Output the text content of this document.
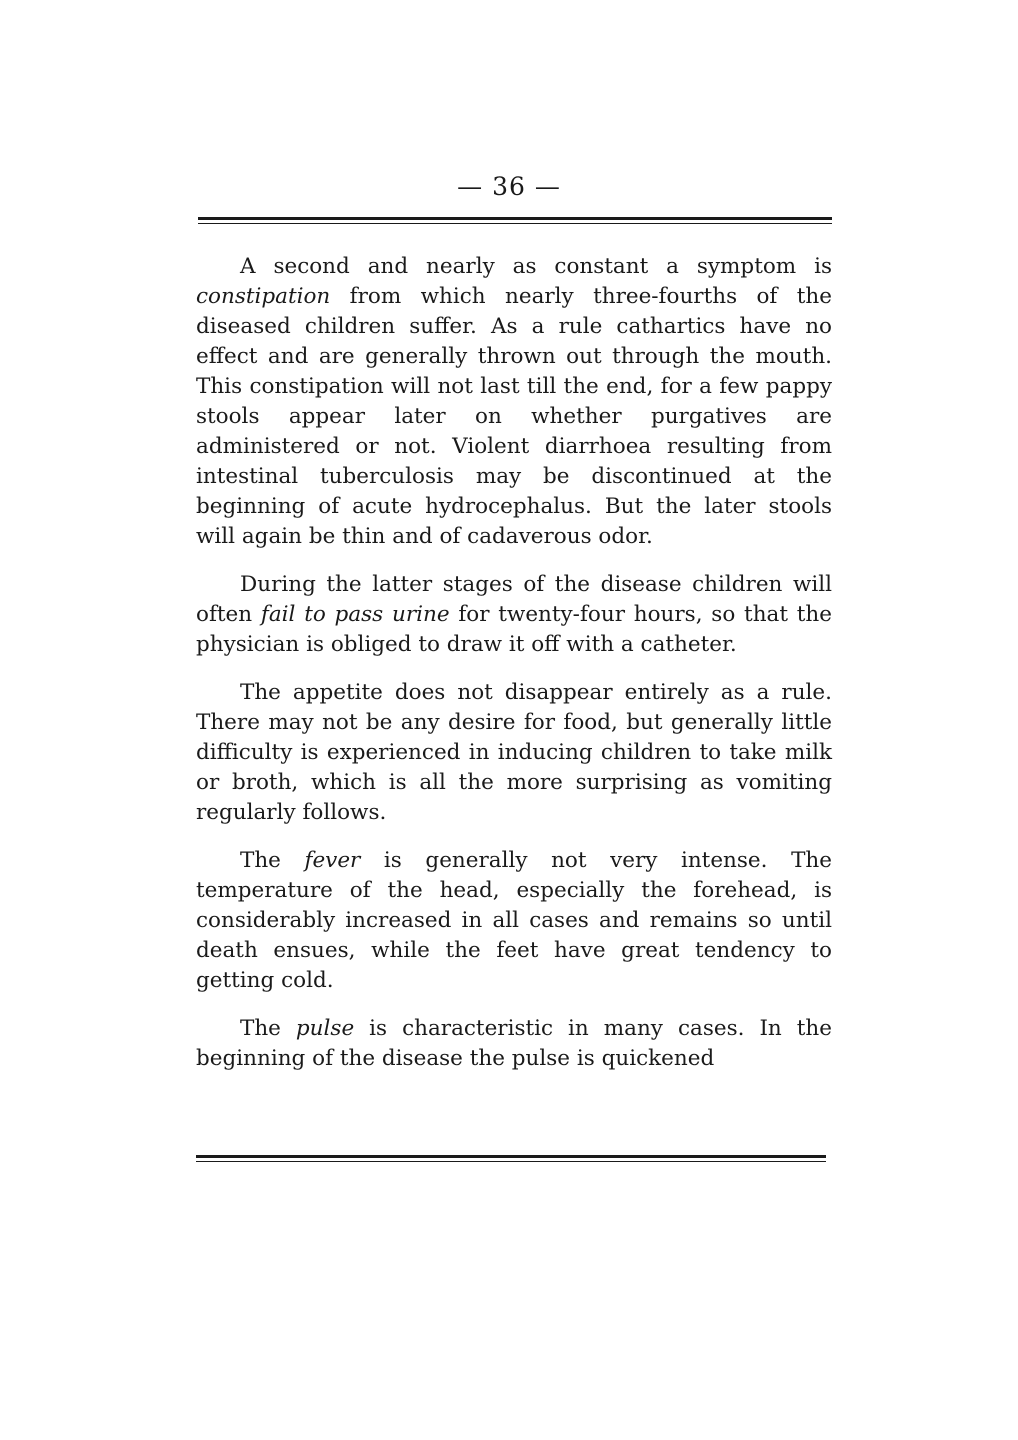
— 36 —

A second and nearly as constant a symptom is constipation from which nearly three-fourths of the diseased children suffer. As a rule cathartics have no effect and are generally thrown out through the mouth. This constipation will not last till the end, for a few pappy stools appear later on whether purgatives are administered or not. Violent diarrhoea resulting from intestinal tuberculosis may be discontinued at the beginning of acute hydrocephalus. But the later stools will again be thin and of cadaverous odor.

During the latter stages of the disease children will often fail to pass urine for twenty-four hours, so that the physician is obliged to draw it off with a catheter.

The appetite does not disappear entirely as a rule. There may not be any desire for food, but generally little difficulty is experienced in inducing children to take milk or broth, which is all the more surprising as vomiting regularly follows.

The fever is generally not very intense. The temperature of the head, especially the forehead, is considerably increased in all cases and remains so until death ensues, while the feet have great tendency to getting cold.

The pulse is characteristic in many cases. In the beginning of the disease the pulse is quickened
